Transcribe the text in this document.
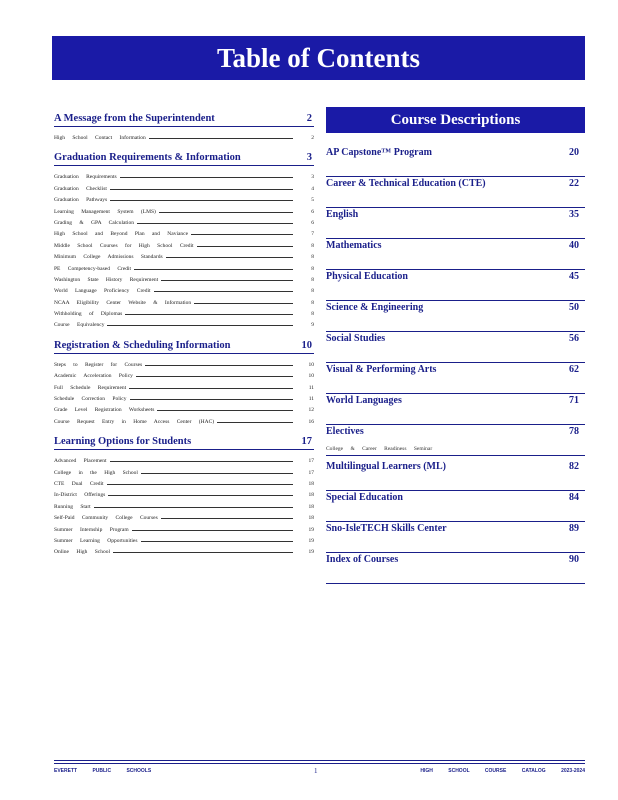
Table of Contents
A Message from the Superintendent	2
High School Contact Information	2
Graduation Requirements & Information	3
Graduation Requirements	3
Graduation Checklist	4
Graduation Pathways	5
Learning Management System (LMS)	6
Grading & GPA Calculation	6
High School and Beyond Plan and Naviance	7
Middle School Courses for High School Credit	8
Minimum College Admissions Standards	8
PE Competency-based Credit	8
Washington State History Requirement	8
World Language Proficiency Credit	8
NCAA Eligibility Center Website & Information	8
Withholding of Diplomas	8
Course Equivalency	9
Registration & Scheduling Information	10
Steps to Register for Courses	10
Academic Acceleration Policy	10
Full Schedule Requirement	11
Schedule Correction Policy	11
Grade Level Registration Worksheets	12
Course Request Entry in Home Access Center (HAC)	16
Learning Options for Students	17
Advanced Placement	17
College in the High School	17
CTE Dual Credit	18
In-District Offerings	18
Running Start	18
Self-Paid Community College Courses	18
Summer Internship Program	19
Summer Learning Opportunities	19
Online High School	19
Course Descriptions
AP Capstone™ Program	20
Career & Technical Education (CTE)	22
English	35
Mathematics	40
Physical Education	45
Science & Engineering	50
Social Studies	56
Visual & Performing Arts	62
World Languages	71
Electives	78
College & Career Readiness Seminar
Multilingual Learners (ML)	82
Special Education	84
Sno-IsleTECH Skills Center	89
Index of Courses	90
EVERETT PUBLIC SCHOOLS	1	HIGH SCHOOL COURSE CATALOG 2023-2024
